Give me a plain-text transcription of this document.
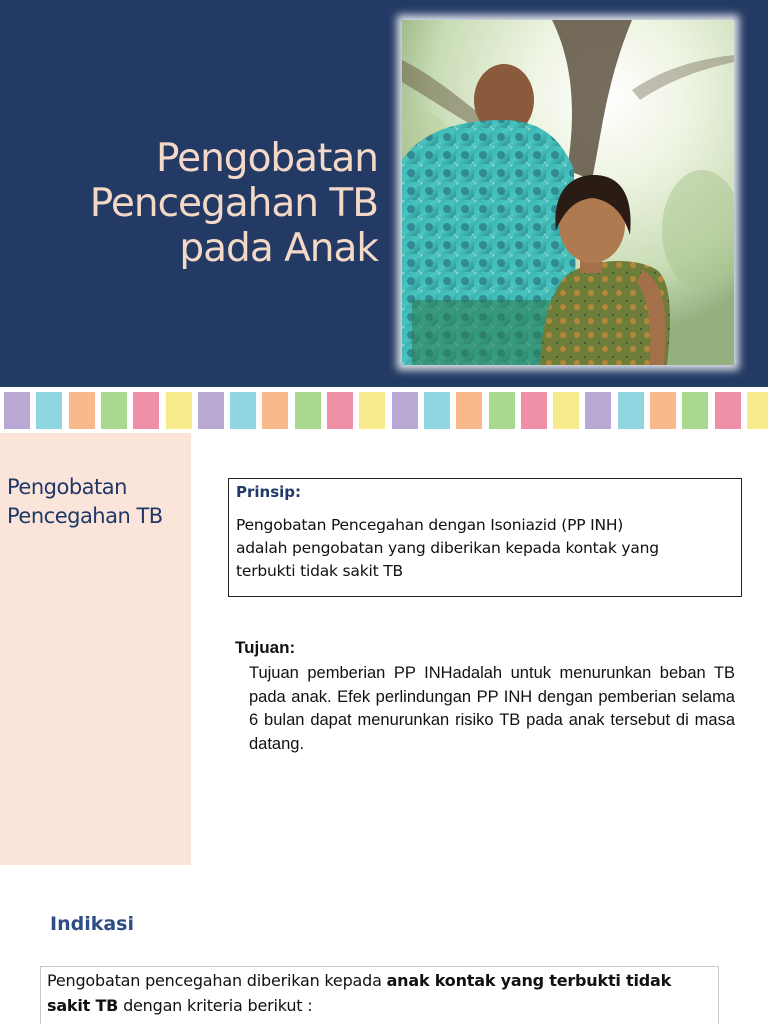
Pengobatan
Pencegahan TB
pada Anak
Pengobatan
Pencegahan TB
Prinsip:
Pengobatan Pencegahan dengan Isoniazid (PP INH)
adalah pengobatan yang diberikan kepada kontak yang
terbukti tidak sakit TB
Tujuan:
Tujuan pemberian PP INHadalah untuk menurunkan beban TB pada anak. Efek perlindungan PP INH dengan pemberian selama 6 bulan dapat menurunkan risiko TB pada anak tersebut di masa datang.
Indikasi
Pengobatan pencegahan diberikan kepada anak kontak yang terbukti tidak sakit TB dengan kriteria berikut :
